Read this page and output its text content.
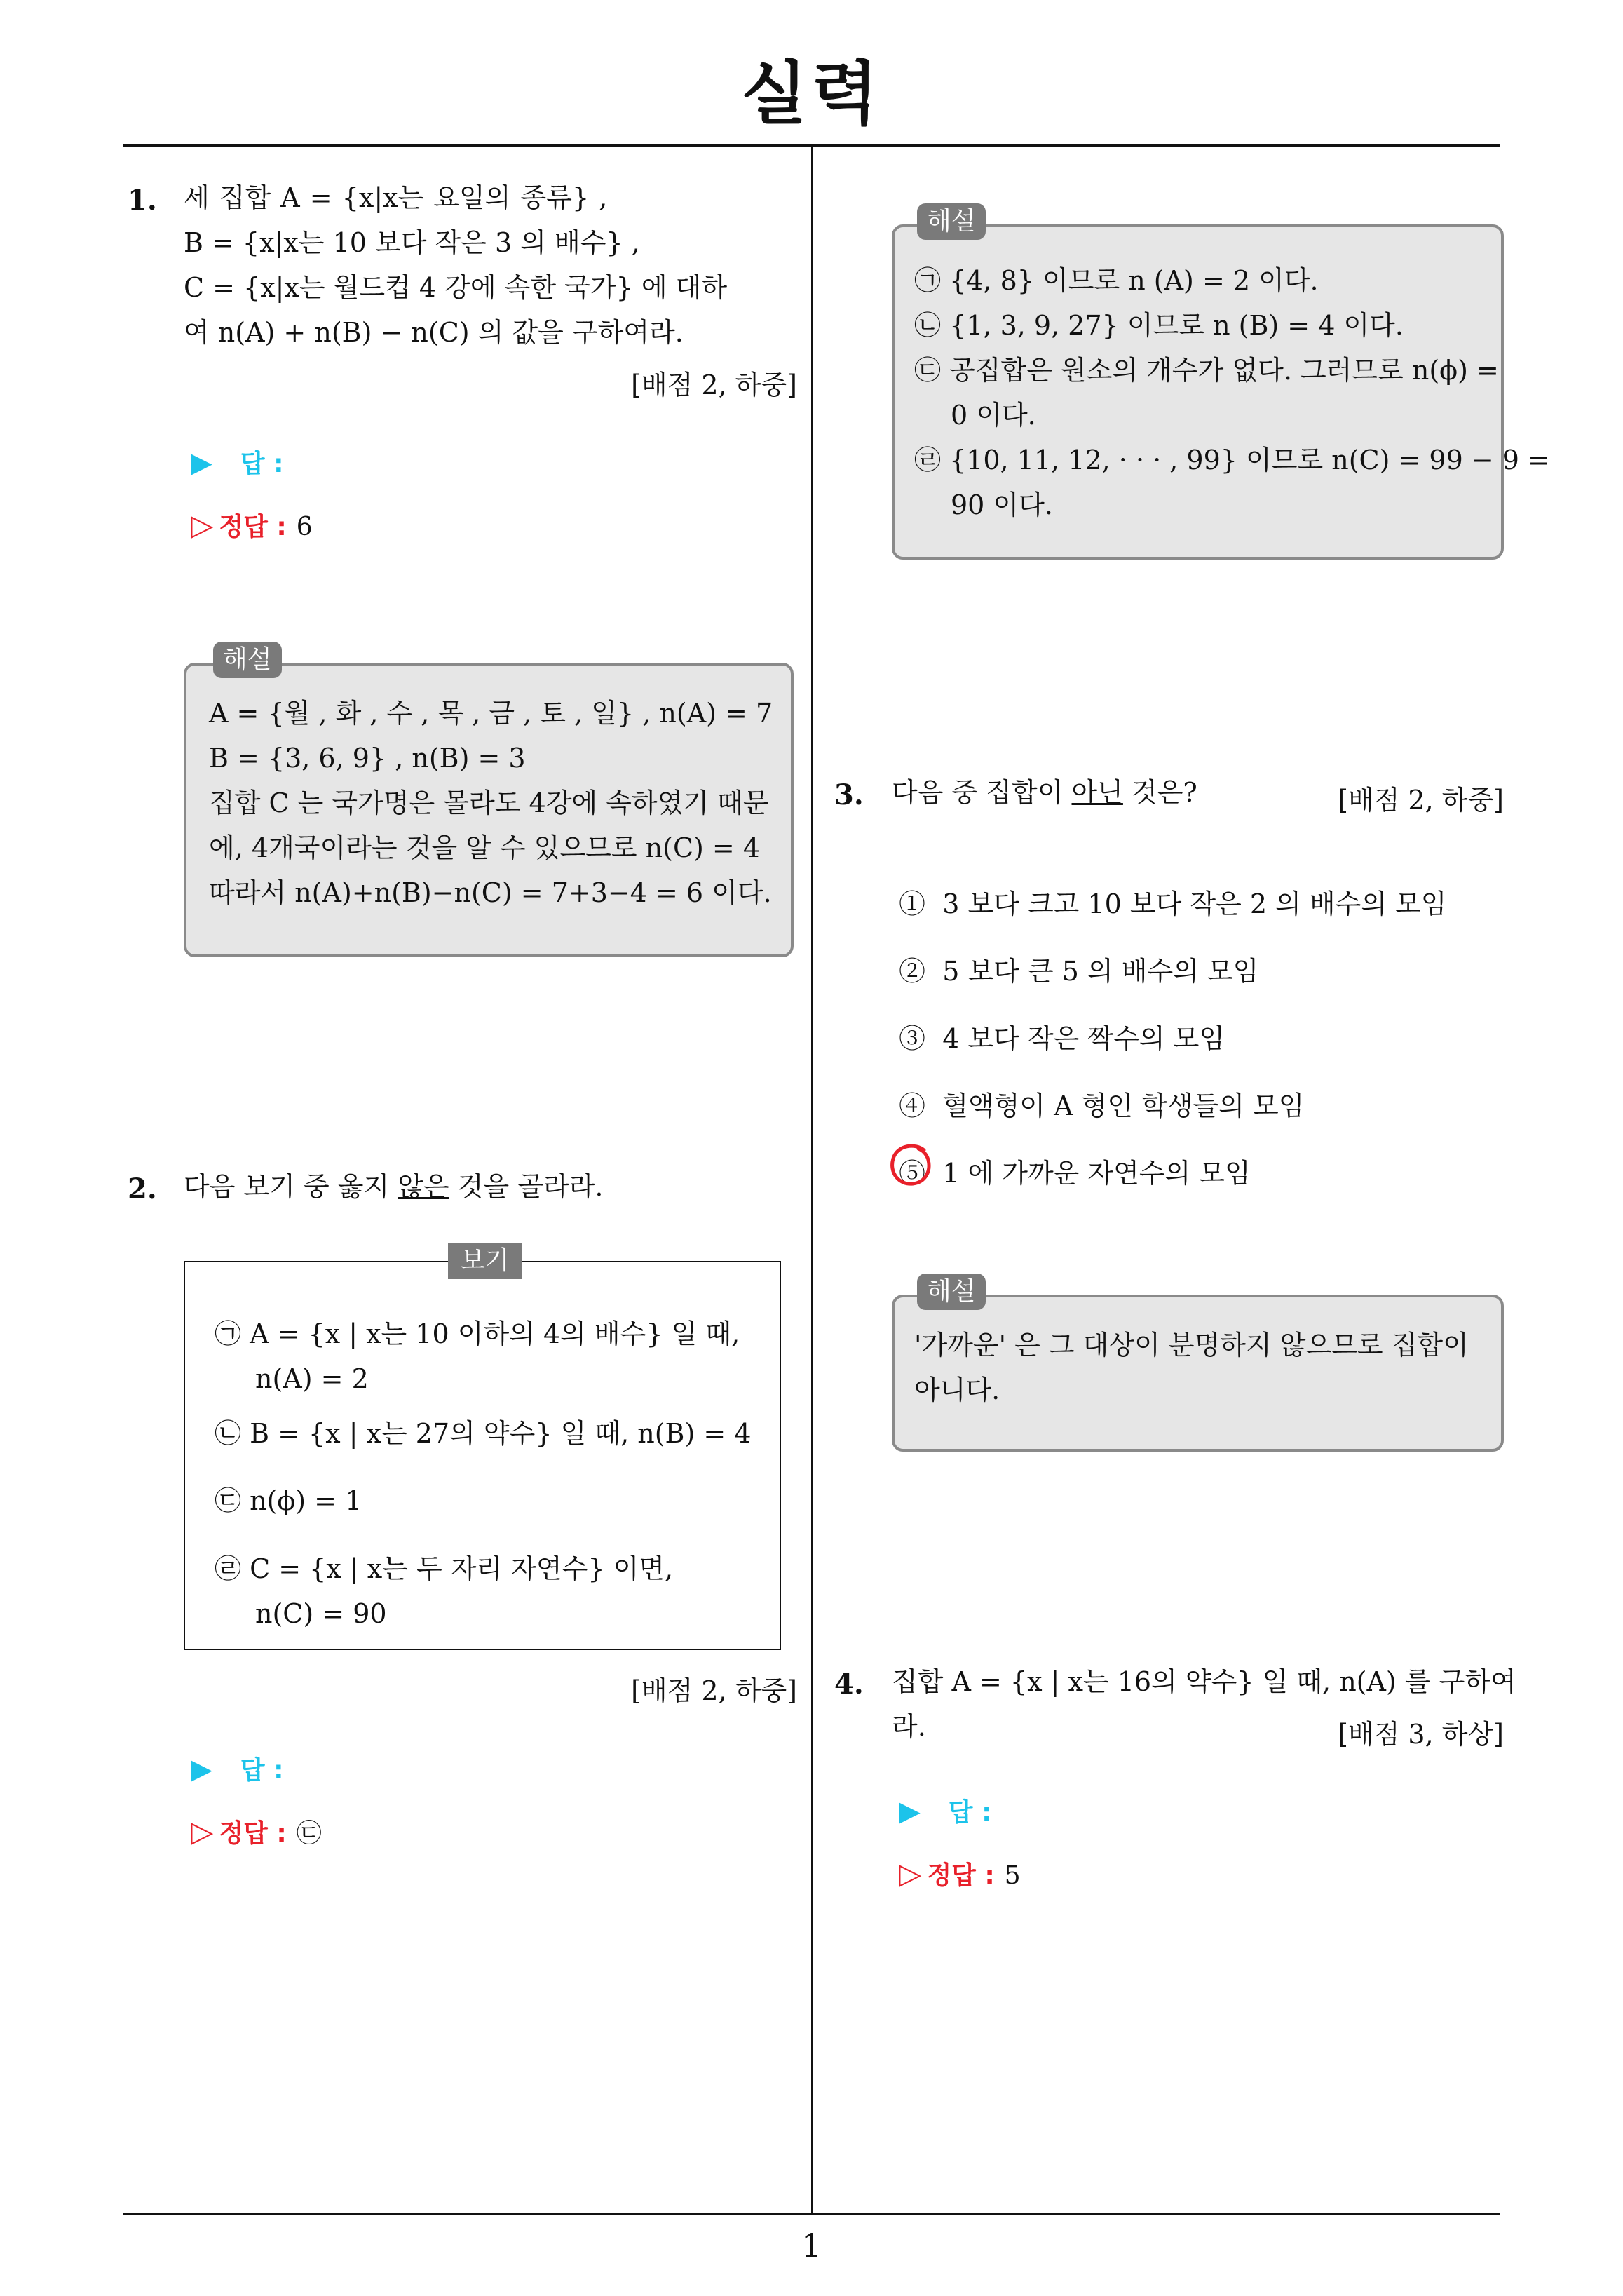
실력
1
1. 세 집합 A = {x|x는 요일의 종류} ,
B = {x|x는 10 보다 작은 3 의 배수} ,
C = {x|x는 월드컵 4 강에 속한 국가} 에 대하
여 n(A) + n(B) − n(C) 의 값을 구하여라.
[배점 2, 하중]
▶ 답 :
▷ 정답 : 6
해설
A = {월 , 화 , 수 , 목 , 금 , 토 , 일} , n(A) = 7
B = {3, 6, 9} , n(B) = 3
집합 C 는 국가명은 몰라도 4강에 속하였기 때문
에, 4개국이라는 것을 알 수 있으므로 n(C) = 4
따라서 n(A)+n(B)−n(C) = 7+3−4 = 6 이다.
2. 다음 보기 중 옳지 않은 것을 골라라.
보기
㉠ A = {x | x는 10 이하의 4의 배수} 일 때,
n(A) = 2
㉡ B = {x | x는 27의 약수} 일 때, n(B) = 4
㉢ n(ϕ) = 1
㉣ C = {x | x는 두 자리 자연수} 이면,
n(C) = 90
[배점 2, 하중]
▶ 답 :
▷ 정답 : ㉢
해설
㉠ {4, 8} 이므로 n (A) = 2 이다.
㉡ {1, 3, 9, 27} 이므로 n (B) = 4 이다.
㉢ 공집합은 원소의 개수가 없다. 그러므로 n(ϕ) =
0 이다.
㉣ {10, 11, 12, · · · , 99} 이므로 n(C) = 99 − 9 =
90 이다.
3. 다음 중 집합이 아닌 것은?	[배점 2, 하중]
① 3 보다 크고 10 보다 작은 2 의 배수의 모임
② 5 보다 큰 5 의 배수의 모임
③ 4 보다 작은 짝수의 모임
④ 혈액형이 A 형인 학생들의 모임
⑤ 1 에 가까운 자연수의 모임
해설
'가까운' 은 그 대상이 분명하지 않으므로 집합이
아니다.
4. 집합 A = {x | x는 16의 약수} 일 때, n(A) 를 구하여
라.	[배점 3, 하상]
▶ 답 :
▷ 정답 : 5
